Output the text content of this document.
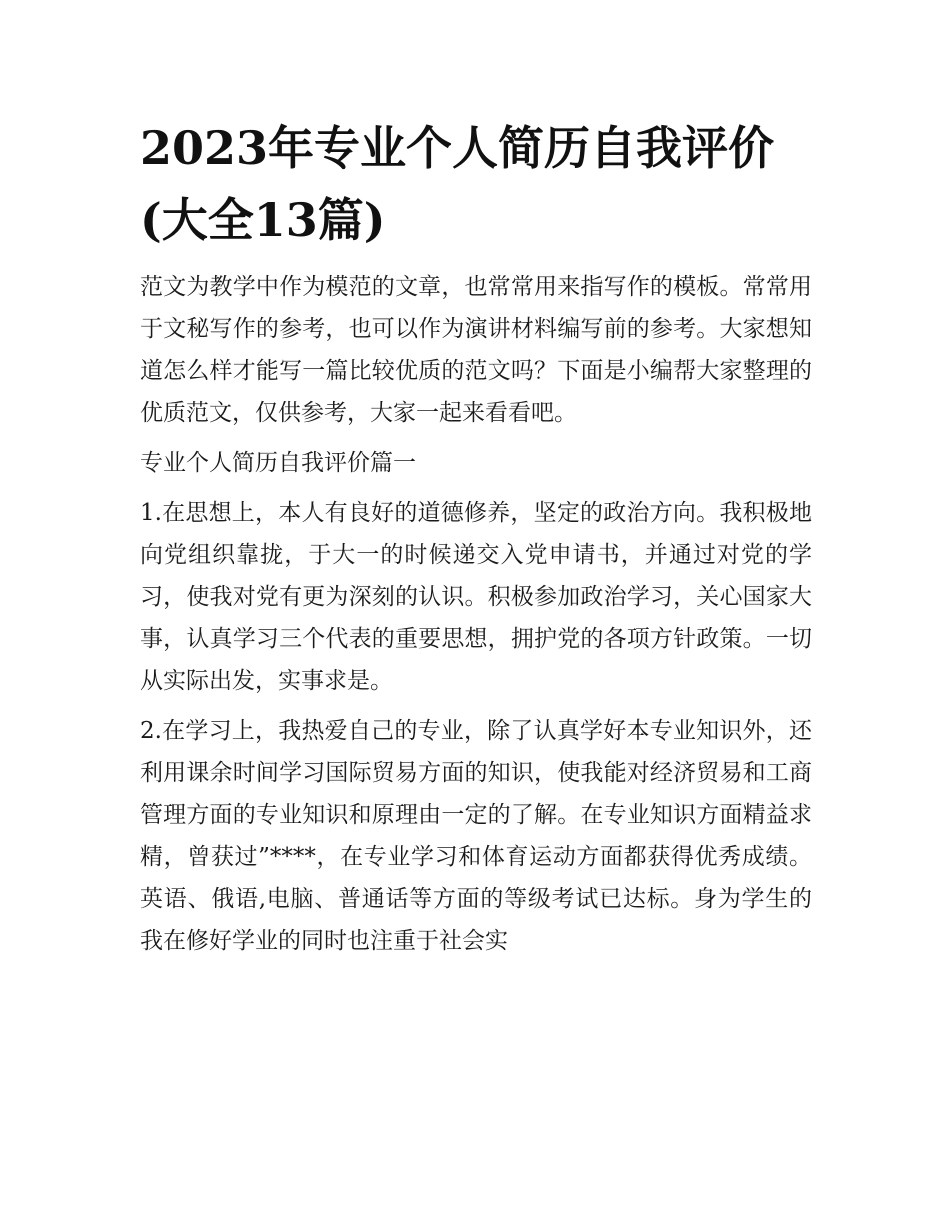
2023年专业个人简历自我评价(大全13篇)

范文为教学中作为模范的文章，也常常用来指写作的模板。常常用于文秘写作的参考，也可以作为演讲材料编写前的参考。大家想知道怎么样才能写一篇比较优质的范文吗？下面是小编帮大家整理的优质范文，仅供参考，大家一起来看看吧。

专业个人简历自我评价篇一

1.在思想上，本人有良好的道德修养，坚定的政治方向。我积极地向党组织靠拢，于大一的时候递交入党申请书，并通过对党的学习，使我对党有更为深刻的认识。积极参加政治学习，关心国家大事，认真学习三个代表的重要思想，拥护党的各项方针政策。一切从实际出发，实事求是。

2.在学习上，我热爱自己的专业，除了认真学好本专业知识外，还利用课余时间学习国际贸易方面的知识，使我能对经济贸易和工商管理方面的专业知识和原理由一定的了解。在专业知识方面精益求精，曾获过”****，在专业学习和体育运动方面都获得优秀成绩。英语、俄语,电脑、普通话等方面的等级考试已达标。身为学生的我在修好学业的同时也注重于社会实
